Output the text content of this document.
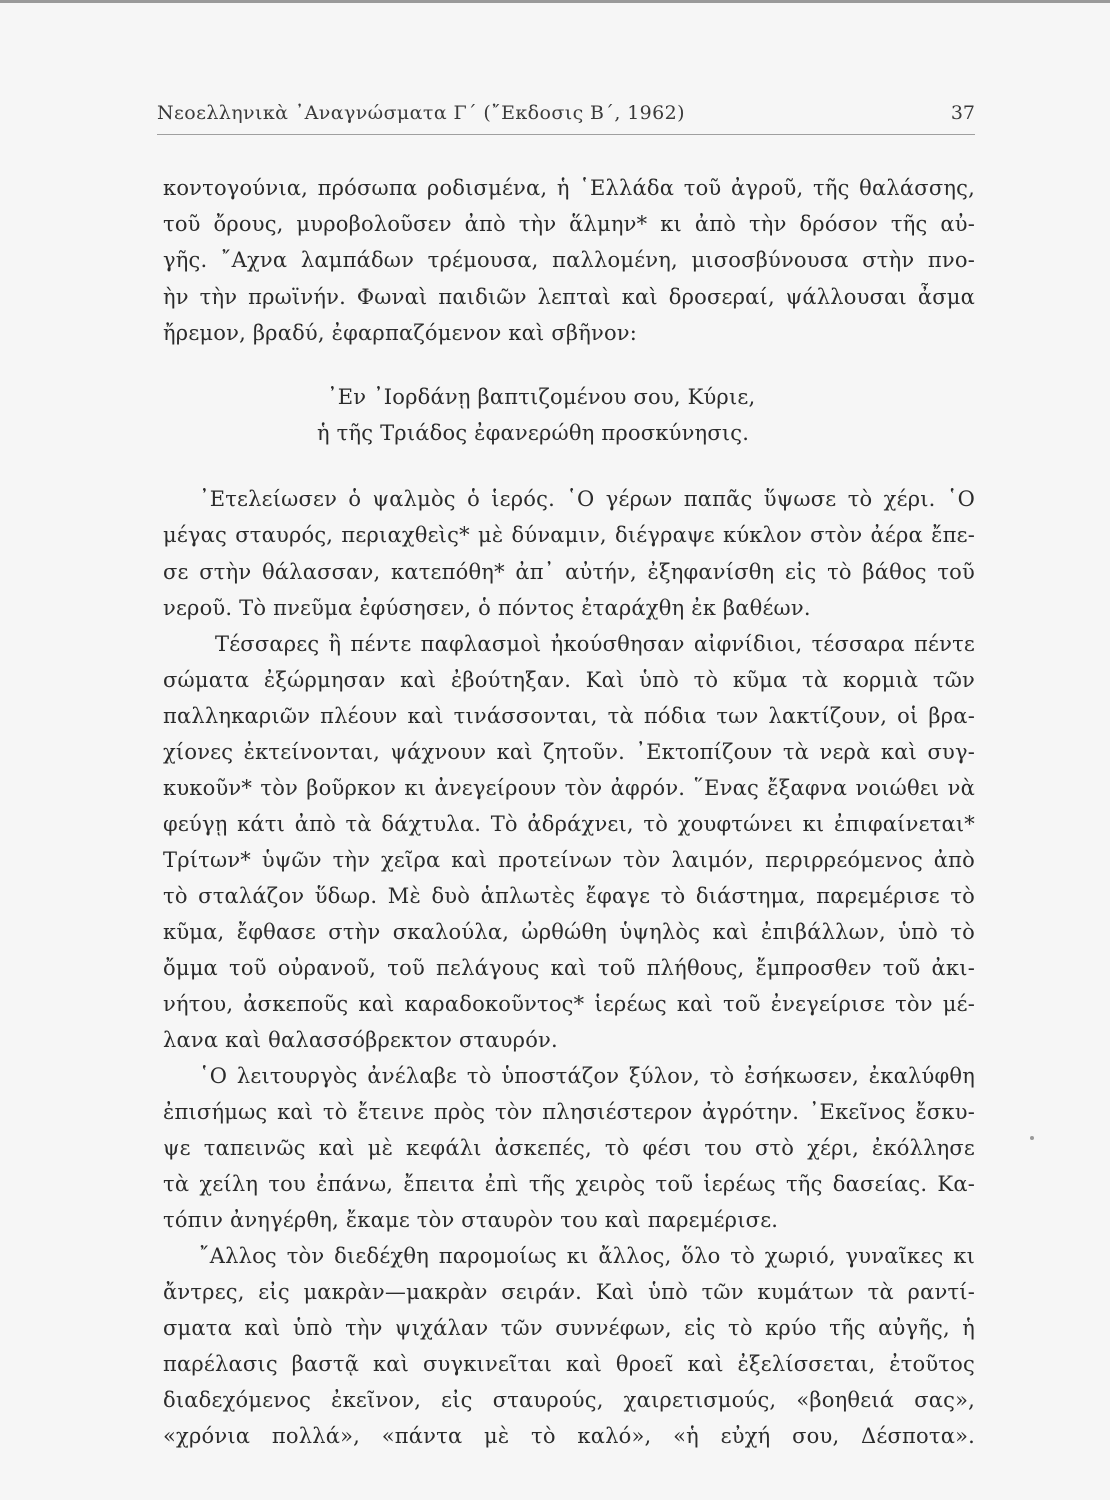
Νεοελληνικὰ ᾿Αναγνώσματα Γ΄ (῎Εκδοσις Β΄, 1962)	37
κοντογούνια, πρόσωπα ροδισμένα, ἡ ῾Ελλάδα τοῦ ἀγροῦ, τῆς θαλάσσης,
τοῦ ὄρους, μυροβολοῦσεν ἀπὸ τὴν ἅλμην* κι ἀπὸ τὴν δρόσον τῆς αὐ-
γῆς. ῎Αχνα λαμπάδων τρέμουσα, παλλομένη, μισοσβύνουσα στὴν πνο-
ὴν τὴν πρωϊνήν. Φωναὶ παιδιῶν λεπταὶ καὶ δροσεραί, ψάλλουσαι ἆσμα
ἤρεμον, βραδύ, ἐφαρπαζόμενον καὶ σβῆνον:
᾿Εν ᾿Ιορδάνῃ βαπτιζομένου σου, Κύριε,
ἡ τῆς Τριάδος ἐφανερώθη προσκύνησις.
᾿Ετελείωσεν ὁ ψαλμὸς ὁ ἱερός. ῾Ο γέρων παπᾶς ὕψωσε τὸ χέρι. ῾Ο
μέγας σταυρός, περιαχθεὶς* μὲ δύναμιν, διέγραψε κύκλον στὸν ἀέρα ἔπε-
σε στὴν θάλασσαν, κατεπόθη* ἀπ᾿ αὐτήν, ἐξηφανίσθη εἰς τὸ βάθος τοῦ
νεροῦ. Τὸ πνεῦμα ἐφύσησεν, ὁ πόντος ἐταράχθη ἐκ βαθέων.
Τέσσαρες ἢ πέντε παφλασμοὶ ἠκούσθησαν αἰφνίδιοι, τέσσαρα πέντε
σώματα ἐξώρμησαν καὶ ἐβούτηξαν. Καὶ ὑπὸ τὸ κῦμα τὰ κορμιὰ τῶν
παλληκαριῶν πλέουν καὶ τινάσσονται, τὰ πόδια των λακτίζουν, οἱ βρα-
χίονες ἐκτείνονται, ψάχνουν καὶ ζητοῦν. ᾿Εκτοπίζουν τὰ νερὰ καὶ συγ-
κυκοῦν* τὸν βοῦρκον κι ἀνεγείρουν τὸν ἀφρόν. ῞Ενας ἔξαφνα νοιώθει νὰ
φεύγῃ κάτι ἀπὸ τὰ δάχτυλα. Τὸ ἀδράχνει, τὸ χουφτώνει κι ἐπιφαίνεται*
Τρίτων* ὑψῶν τὴν χεῖρα καὶ προτείνων τὸν λαιμόν, περιρρεόμενος ἀπὸ
τὸ σταλάζον ὕδωρ. Μὲ δυὸ ἁπλωτὲς ἔφαγε τὸ διάστημα, παρεμέρισε τὸ
κῦμα, ἔφθασε στὴν σκαλούλα, ὠρθώθη ὑψηλὸς καὶ ἐπιβάλλων, ὑπὸ τὸ
ὄμμα τοῦ οὐρανοῦ, τοῦ πελάγους καὶ τοῦ πλήθους, ἔμπροσθεν τοῦ ἀκι-
νήτου, ἀσκεποῦς καὶ καραδοκοῦντος* ἱερέως καὶ τοῦ ἐνεγείρισε τὸν μέ-
λανα καὶ θαλασσόβρεκτον σταυρόν.
῾Ο λειτουργὸς ἀνέλαβε τὸ ὑποστάζον ξύλον, τὸ ἐσήκωσεν, ἐκαλύφθη
ἐπισήμως καὶ τὸ ἔτεινε πρὸς τὸν πλησιέστερον ἀγρότην. ᾿Εκεῖνος ἔσκυ-
ψε ταπεινῶς καὶ μὲ κεφάλι ἀσκεπές, τὸ φέσι του στὸ χέρι, ἐκόλλησε
τὰ χείλη του ἐπάνω, ἔπειτα ἐπὶ τῆς χειρὸς τοῦ ἱερέως τῆς δασείας. Κα-
τόπιν ἀνηγέρθη, ἔκαμε τὸν σταυρὸν του καὶ παρεμέρισε.
῎Αλλος τὸν διεδέχθη παρομοίως κι ἄλλος, ὅλο τὸ χωριό, γυναῖκες κι
ἄντρες, εἰς μακρὰν—μακρὰν σειράν. Καὶ ὑπὸ τῶν κυμάτων τὰ ραντί-
σματα καὶ ὑπὸ τὴν ψιχάλαν τῶν συννέφων, εἰς τὸ κρύο τῆς αὐγῆς, ἡ
παρέλασις βαστᾷ καὶ συγκινεῖται καὶ θροεῖ καὶ ἐξελίσσεται, ἐτοῦτος
διαδεχόμενος ἐκεῖνον, εἰς σταυρούς, χαιρετισμούς, «βοηθειά σας»,
«χρόνια πολλά», «πάντα μὲ τὸ καλό», «ἡ εὐχή σου, Δέσποτα».
